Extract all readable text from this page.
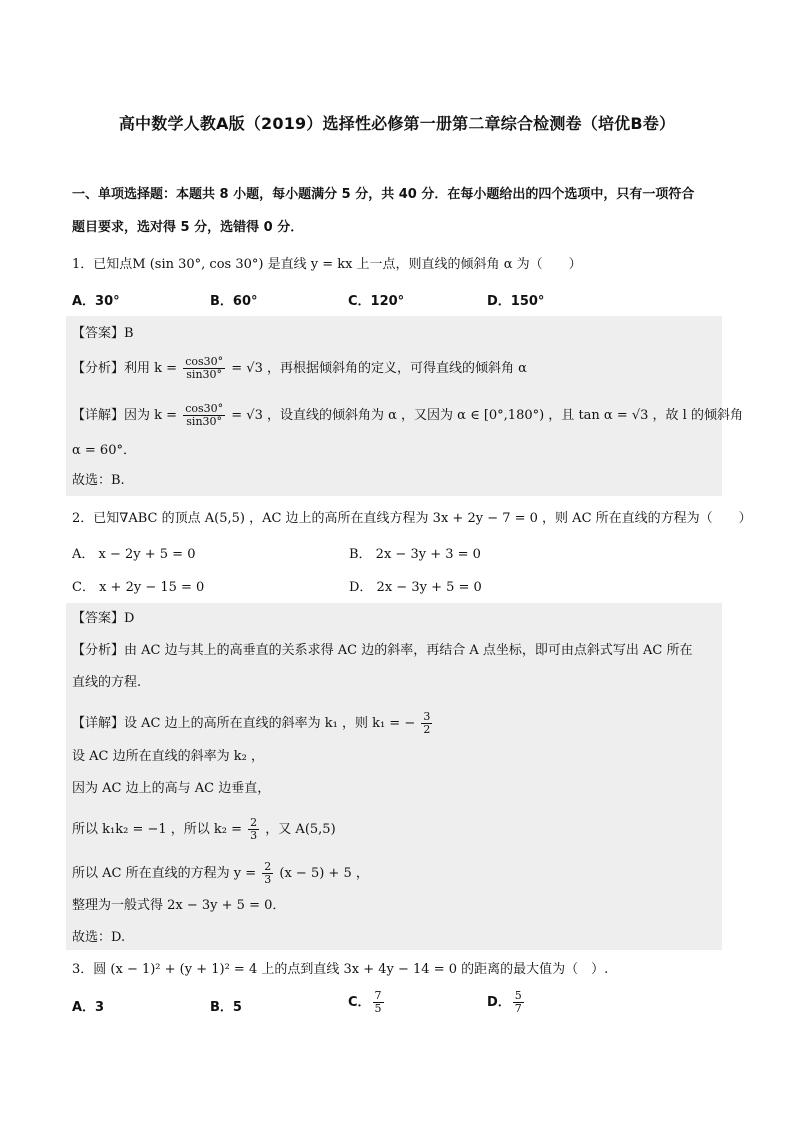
高中数学人教A版（2019）选择性必修第一册第二章综合检测卷（培优B卷）
一、单项选择题：本题共 8 小题，每小题满分 5 分，共 40 分．在每小题给出的四个选项中，只有一项符合
题目要求，选对得 5 分，选错得 0 分．
1．已知点M (sin 30°, cos 30°) 是直线 y = kx 上一点，则直线的倾斜角 α 为（　　）
A．30°	B．60°	C．120°	D．150°
【答案】B
【分析】利用 $k = \frac{\cos 30^\circ}{\sin 30^\circ} = √3$ ，再根据倾斜角的定义，可得直线的倾斜角 α
【详解】因为 $k = \frac{\cos 30^\circ}{\sin 30^\circ} = √3$ ，设直线的倾斜角为 α ，又因为 α ∈ [0°,180°) ，且 tan α = √3 ，故 l 的倾斜角
α = 60°．
故选：B.
2．已知∇ABC 的顶点 A(5,5) ，AC 边上的高所在直线方程为 3x + 2y − 7 = 0 ，则 AC 所在直线的方程为（　　）
A． x − 2y + 5 = 0	B． 2x − 3y + 3 = 0
C． x + 2y − 15 = 0	D． 2x − 3y + 5 = 0
【答案】D
【分析】由 AC 边与其上的高垂直的关系求得 AC 边的斜率，再结合 A 点坐标，即可由点斜式写出 AC 所在
直线的方程.
【详解】设 AC 边上的高所在直线的斜率为 k₁ ，则 k₁ = − $\frac{3}{2}$
设 AC 边所在直线的斜率为 k₂ ，
因为 AC 边上的高与 AC 边垂直，
所以 k₁k₂ = −1 ，所以 $k_2 = \frac{2}{3}$ ，又 A(5,5)
所以 AC 所在直线的方程为 $y = \frac{2}{3} (x - 5) + 5$ ，
整理为一般式得 2x − 3y + 5 = 0．
故选：D.
3．圆 (x − 1)² + (y + 1)² = 4 上的点到直线 3x + 4y − 14 = 0 的距离的最大值为（　）.
A．3	B．5	C． $\frac{7}{5}$	D． $\frac{5}{7}$
